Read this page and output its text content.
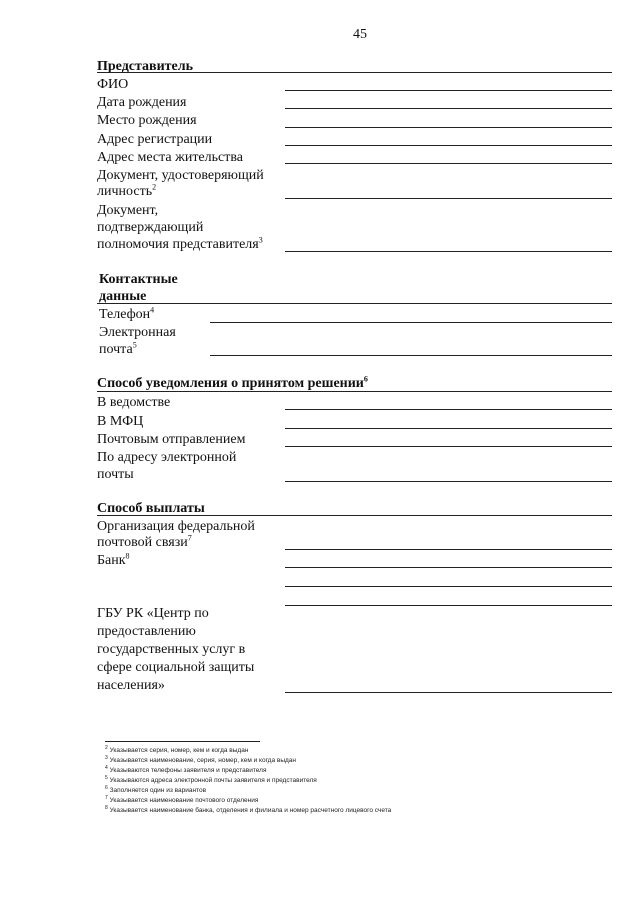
45
Представитель
ФИО
Дата рождения
Место рождения
Адрес регистрации
Адрес места жительства
Документ, удостоверяющий
личность$^2$
Документ,
подтверждающий
полномочия представителя$^3$
Контактные
данные
Телефон$^4$
Электронная
почта$^5$
Способ уведомления о принятом решении$^6$
В ведомстве
В МФЦ
Почтовым отправлением
По адресу электронной
почты
Способ выплаты
Организация федеральной
почтовой связи$^7$
Банк$^8$
ГБУ РК «Центр по
предоставлению
государственных услуг в
сфере социальной защиты
населения»
$^2$ Указывается серия, номер, кем и когда выдан
$^3$ Указывается наименование, серия, номер, кем и когда выдан
$^4$ Указываются телефоны заявителя и представителя
$^5$ Указываются адреса электронной почты заявителя и представителя
$^6$ Заполняется один из вариантов
$^7$ Указывается наименование почтового отделения
$^8$ Указывается наименование банка, отделения и филиала и номер расчетного лицевого счета
